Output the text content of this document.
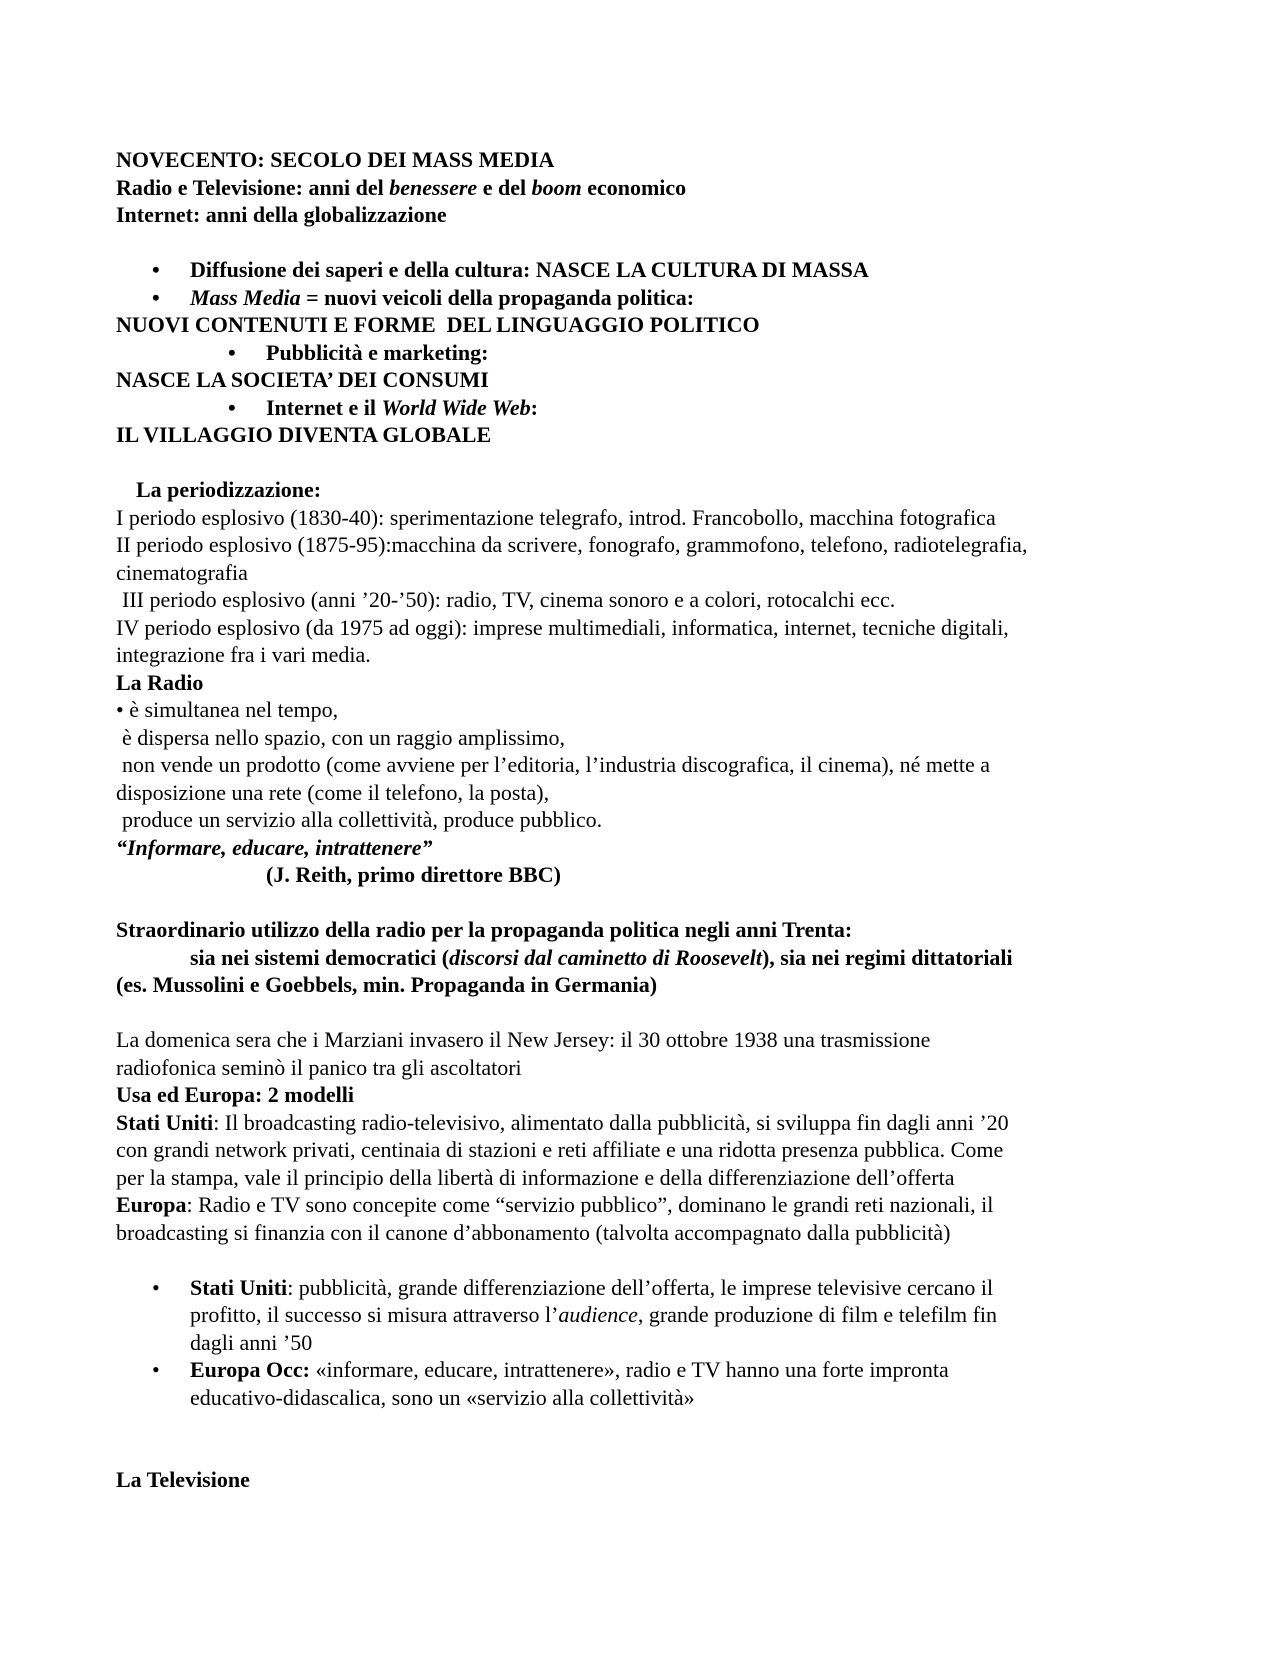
NOVECENTO: SECOLO DEI MASS MEDIA
Radio e Televisione: anni del benessere e del boom economico
Internet: anni della globalizzazione
•	Diffusione dei saperi e della cultura: NASCE LA CULTURA DI MASSA
•	Mass Media = nuovi veicoli della propaganda politica:
NUOVI CONTENUTI E FORME  DEL LINGUAGGIO POLITICO
•	Pubblicità e marketing:
NASCE LA SOCIETA’ DEI CONSUMI
•	Internet e il World Wide Web:
IL VILLAGGIO DIVENTA GLOBALE
La periodizzazione:
I periodo esplosivo (1830-40): sperimentazione telegrafo, introd. Francobollo, macchina fotografica
II periodo esplosivo (1875-95):macchina da scrivere, fonografo, grammofono, telefono, radiotelegrafia,
cinematografia
III periodo esplosivo (anni ’20-’50): radio, TV, cinema sonoro e a colori, rotocalchi ecc.
IV periodo esplosivo (da 1975 ad oggi): imprese multimediali, informatica, internet, tecniche digitali,
integrazione fra i vari media.
La Radio
• è simultanea nel tempo,
è dispersa nello spazio, con un raggio amplissimo,
non vende un prodotto (come avviene per l’editoria, l’industria discografica, il cinema), né mette a
disposizione una rete (come il telefono, la posta),
produce un servizio alla collettività, produce pubblico.
“Informare, educare, intrattenere”
(J. Reith, primo direttore BBC)
Straordinario utilizzo della radio per la propaganda politica negli anni Trenta:
sia nei sistemi democratici (discorsi dal caminetto di Roosevelt), sia nei regimi dittatoriali
(es. Mussolini e Goebbels, min. Propaganda in Germania)
La domenica sera che i Marziani invasero il New Jersey: il 30 ottobre 1938 una trasmissione
radiofonica seminò il panico tra gli ascoltatori
Usa ed Europa: 2 modelli
Stati Uniti: Il broadcasting radio-televisivo, alimentato dalla pubblicità, si sviluppa fin dagli anni ’20
con grandi network privati, centinaia di stazioni e reti affiliate e una ridotta presenza pubblica. Come
per la stampa, vale il principio della libertà di informazione e della differenziazione dell’offerta
Europa: Radio e TV sono concepite come “servizio pubblico”, dominano le grandi reti nazionali, il
broadcasting si finanzia con il canone d’abbonamento (talvolta accompagnato dalla pubblicità)
• Stati Uniti: pubblicità, grande differenziazione dell’offerta, le imprese televisive cercano il
profitto, il successo si misura attraverso l’audience, grande produzione di film e telefilm fin
dagli anni ’50
• Europa Occ: «informare, educare, intrattenere», radio e TV hanno una forte impronta
educativo-didascalica, sono un «servizio alla collettività»
La Televisione
